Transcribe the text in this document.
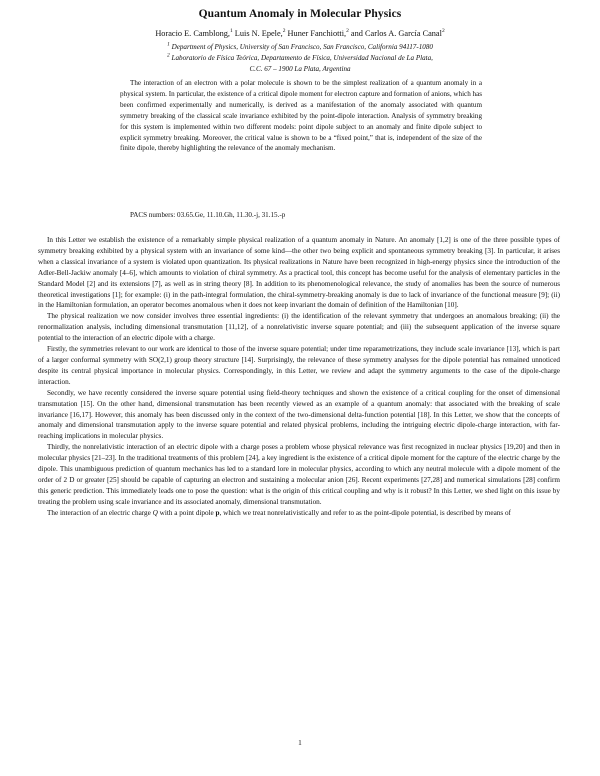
Quantum Anomaly in Molecular Physics
Horacio E. Camblong,$^1$ Luis N. Epele,$^2$ Huner Fanchiotti,$^2$ and Carlos A. García Canal$^2$
$^1$ Department of Physics, University of San Francisco, San Francisco, California 94117-1080
$^2$ Laboratorio de Física Teórica, Departamento de Física, Universidad Nacional de La Plata,
C.C. 67 – 1900 La Plata, Argentina
The interaction of an electron with a polar molecule is shown to be the simplest realization of a quantum anomaly in a physical system. In particular, the existence of a critical dipole moment for electron capture and formation of anions, which has been confirmed experimentally and numerically, is derived as a manifestation of the anomaly associated with quantum symmetry breaking of the classical scale invariance exhibited by the point-dipole interaction. Analysis of symmetry breaking for this system is implemented within two different models: point dipole subject to an anomaly and finite dipole subject to explicit symmetry breaking. Moreover, the critical value is shown to be a “fixed point,” that is, independent of the size of the finite dipole, thereby highlighting the relevance of the anomaly mechanism.
PACS numbers: 03.65.Ge, 11.10.Gh, 11.30.-j, 31.15.-p

In this Letter we establish the existence of a remarkably simple physical realization of a quantum anomaly in Nature. An anomaly [1,2] is one of the three possible types of symmetry breaking exhibited by a physical system with an invariance of some kind—the other two being explicit and spontaneous symmetry breaking [3]. In particular, it arises when a classical invariance of a system is violated upon quantization. Its physical realizations in Nature have been recognized in high-energy physics since the introduction of the Adler-Bell-Jackiw anomaly [4–6], which amounts to violation of chiral symmetry. As a practical tool, this concept has become useful for the analysis of elementary particles in the Standard Model [2] and its extensions [7], as well as in string theory [8]. In addition to its phenomenological relevance, the study of anomalies has been the source of numerous theoretical investigations [1]; for example: (i) in the path-integral formulation, the chiral-symmetry-breaking anomaly is due to lack of invariance of the functional measure [9]; (ii) in the Hamiltonian formulation, an operator becomes anomalous when it does not keep invariant the domain of definition of the Hamiltonian [10].

The physical realization we now consider involves three essential ingredients: (i) the identification of the relevant symmetry that undergoes an anomalous breaking; (ii) the renormalization analysis, including dimensional transmutation [11,12], of a nonrelativistic inverse square potential; and (iii) the subsequent application of the inverse square potential to the interaction of an electric dipole with a charge.

Firstly, the symmetries relevant to our work are identical to those of the inverse square potential; under time reparametrizations, they include scale invariance [13], which is part of a larger conformal symmetry with SO(2,1) group theory structure [14]. Surprisingly, the relevance of these symmetry analyses for the dipole potential has remained unnoticed despite its central physical importance in molecular physics. Correspondingly, in this Letter, we review and adapt the symmetry arguments to the case of the dipole-charge interaction.

Secondly, we have recently considered the inverse square potential using field-theory techniques and shown the existence of a critical coupling for the onset of dimensional transmutation [15]. On the other hand, dimensional transmutation has been recently viewed as an example of a quantum anomaly: that associated with the breaking of scale invariance [16,17]. However, this anomaly has been discussed only in the context of the two-dimensional delta-function potential [18]. In this Letter, we show that the concepts of anomaly and dimensional transmutation apply to the inverse square potential and related physical problems, including the intriguing electric dipole-charge interaction, with far-reaching implications in molecular physics.

Thirdly, the nonrelativistic interaction of an electric dipole with a charge poses a problem whose physical relevance was first recognized in nuclear physics [19,20] and then in molecular physics [21–23]. In the traditional treatments of this problem [24], a key ingredient is the existence of a critical dipole moment for the capture of the electric charge by the dipole. This unambiguous prediction of quantum mechanics has led to a standard lore in molecular physics, according to which any neutral molecule with a dipole moment of the order of 2 D or greater [25] should be capable of capturing an electron and sustaining a molecular anion [26]. Recent experiments [27,28] and numerical simulations [28] confirm this generic prediction. This immediately leads one to pose the question: what is the origin of this critical coupling and why is it robust? In this Letter, we shed light on this issue by treating the problem using scale invariance and its associated anomaly, dimensional transmutation.

The interaction of an electric charge Q with a point dipole p, which we treat nonrelativistically and refer to as the point-dipole potential, is described by means of

1
